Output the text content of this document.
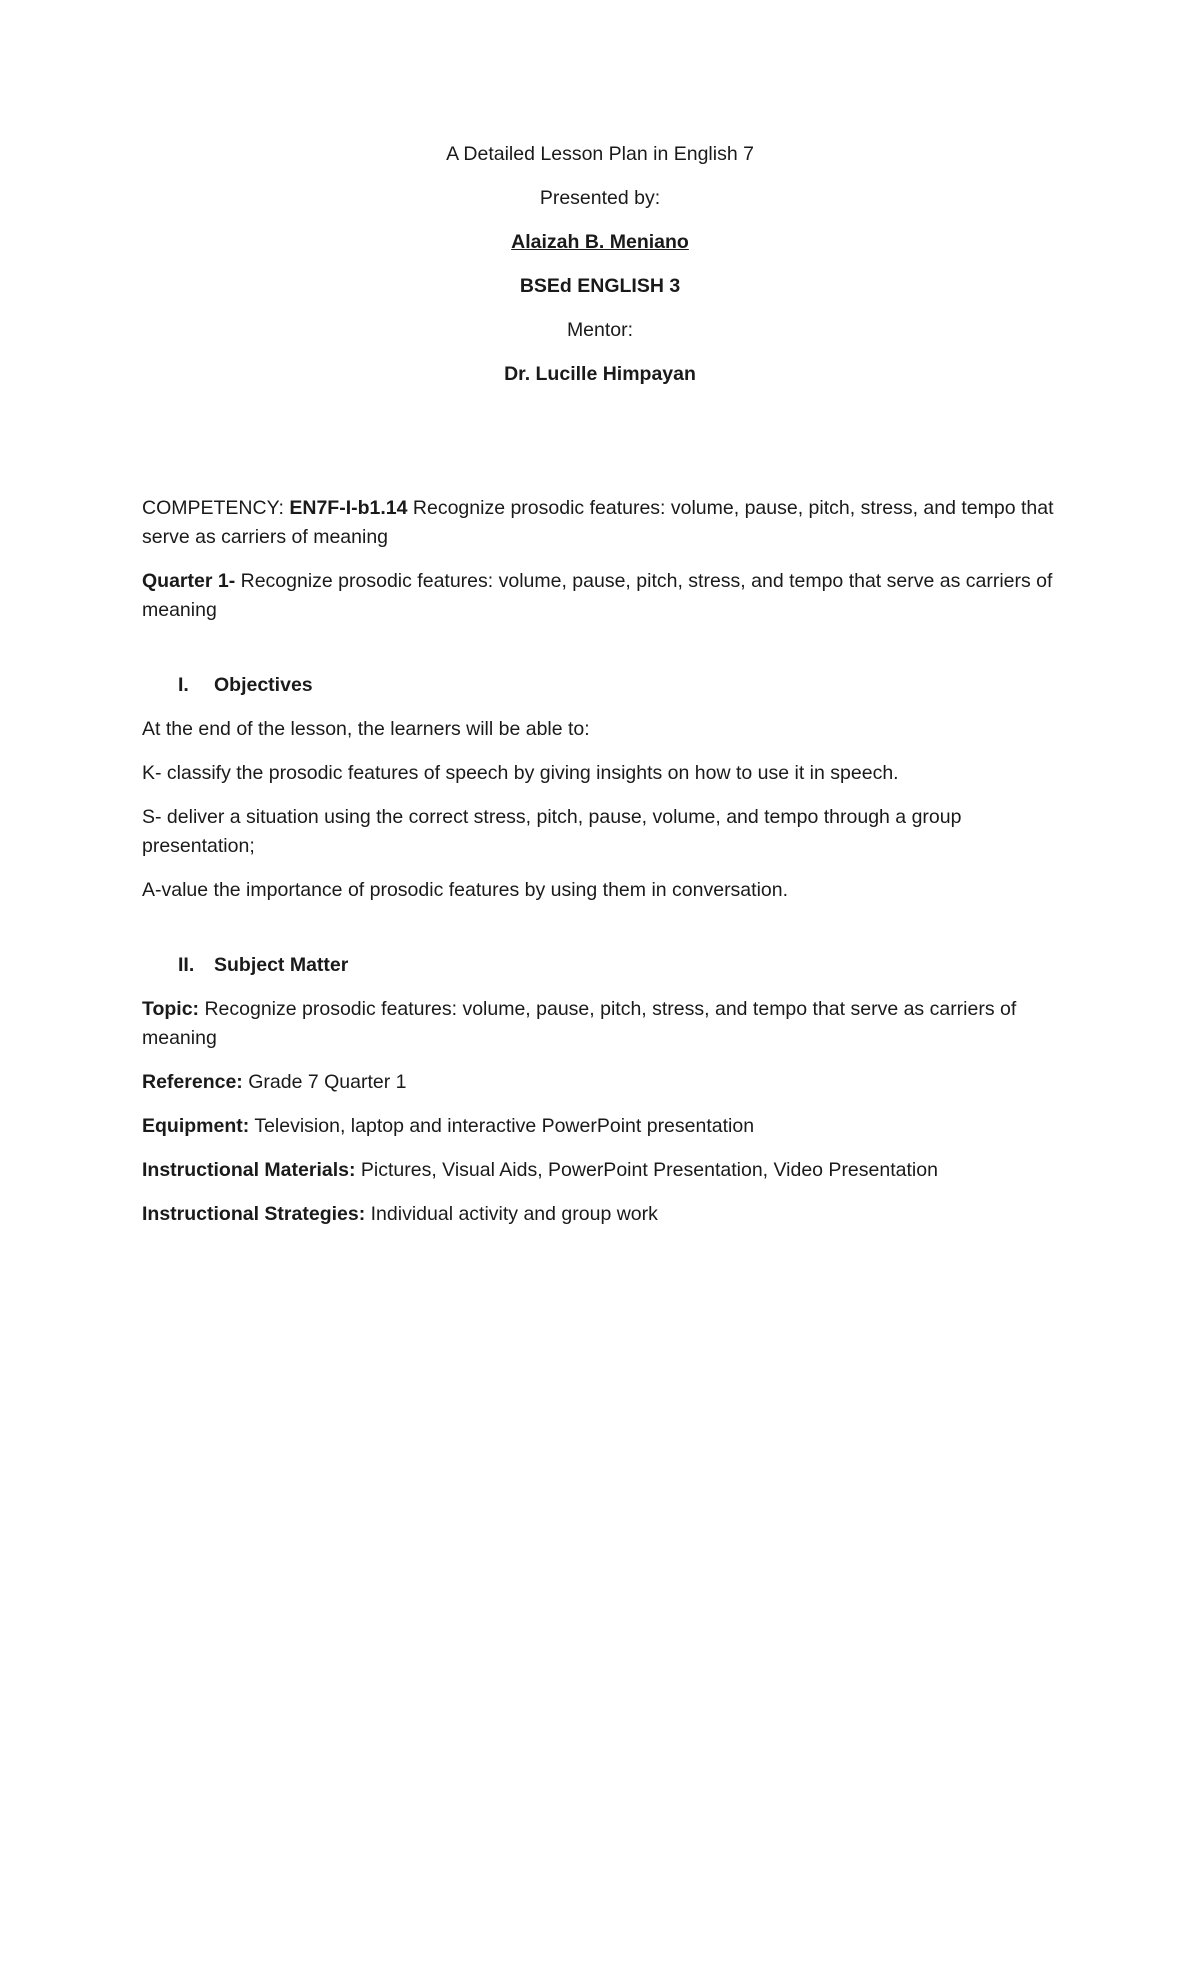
A Detailed Lesson Plan in English 7

Presented by:

Alaizah B. Meniano

BSEd ENGLISH 3

Mentor:

Dr. Lucille Himpayan

COMPETENCY: EN7F-I-b1.14 Recognize prosodic features: volume, pause, pitch, stress, and tempo that serve as carriers of meaning

Quarter 1- Recognize prosodic features: volume, pause, pitch, stress, and tempo that serve as carriers of meaning

I.	Objectives

At the end of the lesson, the learners will be able to:

K- classify the prosodic features of speech by giving insights on how to use it in speech.

S- deliver a situation using the correct stress, pitch, pause, volume, and tempo through a group presentation;

A-value the importance of prosodic features by using them in conversation.

II.	Subject Matter

Topic: Recognize prosodic features: volume, pause, pitch, stress, and tempo that serve as carriers of meaning

Reference: Grade 7 Quarter 1

Equipment: Television, laptop and interactive PowerPoint presentation

Instructional Materials: Pictures, Visual Aids, PowerPoint Presentation, Video Presentation

Instructional Strategies: Individual activity and group work
